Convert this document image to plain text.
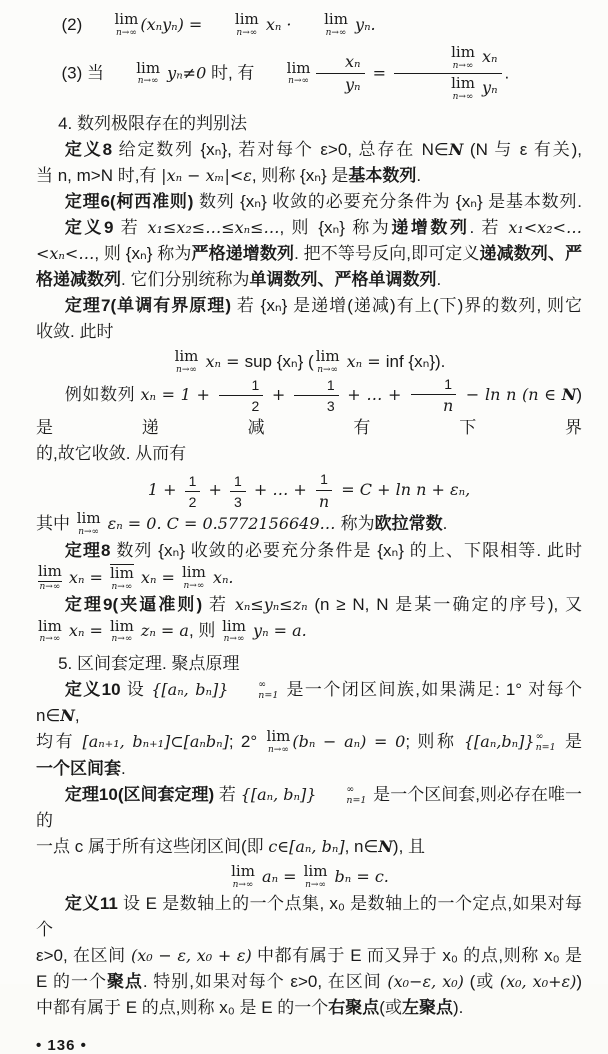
(2)	lim
n→∞ (xₙyₙ) =	lim
n→∞ xₙ ·	lim
n→∞ yₙ.
(3) 当	lim
n→∞ yₙ≠0 时, 有	lim
$n\to\infty \frac{\text{xₙ}}{\text{yₙ}} = \lim$
n→∞ xₙ
lim
n→∞ yₙ .
4. 数列极限存在的判别法
定义8 给定数列 {xₙ}, 若对每个 ε>0, 总存在 N∈N (N 与 ε 有关),
当 n, m>N 时,有 |xₙ − xₘ|<ε, 则称 {xₙ} 是基本数列.
定理6(柯西准则) 数列 {xₙ} 收敛的必要充分条件为 {xₙ} 是基本数列.
定义9 若 x₁≤x₂≤…≤xₙ≤…, 则 {xₙ} 称为递增数列. 若 x₁<x₂<…
<xₙ<…, 则 {xₙ} 称为严格递增数列. 把不等号反向,即可定义递减数列、严
格递减数列. 它们分别统称为单调数列、严格单调数列.
定理7(单调有界原理) 若 {xₙ} 是递增(递减)有上(下)界的数列, 则它
收敛. 此时
lim
n→∞ xₙ = sup {xₙ} ( lim
n→∞ xₙ = inf {xₙ}).
例如数列 $x_n = 1 + \frac{1}{2} + \frac{1}{3}$ + … + $\frac{1}{n} - \ln n$ (n ∈ N) 是递减有下界
的,故它收敛. 从而有
$1 + \frac{1}{2} + \frac{1}{3}$ + … + $\frac{1}{n} = C + \ln n + \varepsilon_n$,
其中 lim
n→∞ εₙ = 0. C = 0.5772156649… 称为欧拉常数.
定理8 数列 {xₙ} 收敛的必要充分条件是 {xₙ} 的上、下限相等. 此时
lim
n→∞ xₙ = lim
n→∞ xₙ = lim
n→∞ xₙ.
定理9(夹逼准则) 若 xₙ≤yₙ≤zₙ (n ≥ N, N 是某一确定的序号), 又
lim
n→∞ xₙ = lim
n→∞ zₙ = a, 则 lim
n→∞ yₙ = a.
5. 区间套定理. 聚点原理
定义10 设 {[aₙ, bₙ]}	∞
n=1 是一个闭区间族,如果满足: 1° 对每个 n∈N,
均有 [aₙ₊₁, bₙ₊₁]⊂[aₙbₙ]; 2° lim
n→∞ (bₙ − aₙ) = 0; 则称 {[aₙ,bₙ]} ∞
n=1 是
一个区间套.
定理10(区间套定理) 若 {[aₙ, bₙ]}	∞
n=1 是一个区间套,则必存在唯一的
一点 c 属于所有这些闭区间(即 c∈[aₙ, bₙ], n∈N), 且
lim
n→∞ aₙ = lim
n→∞ bₙ = c.
定义11 设 E 是数轴上的一个点集, x₀ 是数轴上的一个定点,如果对每个
ε>0, 在区间 (x₀ − ε, x₀ + ε) 中都有属于 E 而又异于 x₀ 的点,则称 x₀ 是
E 的一个聚点. 特别,如果对每个 ε>0, 在区间 (x₀−ε, x₀) (或 (x₀, x₀+ε))
中都有属于 E 的点,则称 x₀ 是 E 的一个右聚点(或左聚点).
• 136 •
